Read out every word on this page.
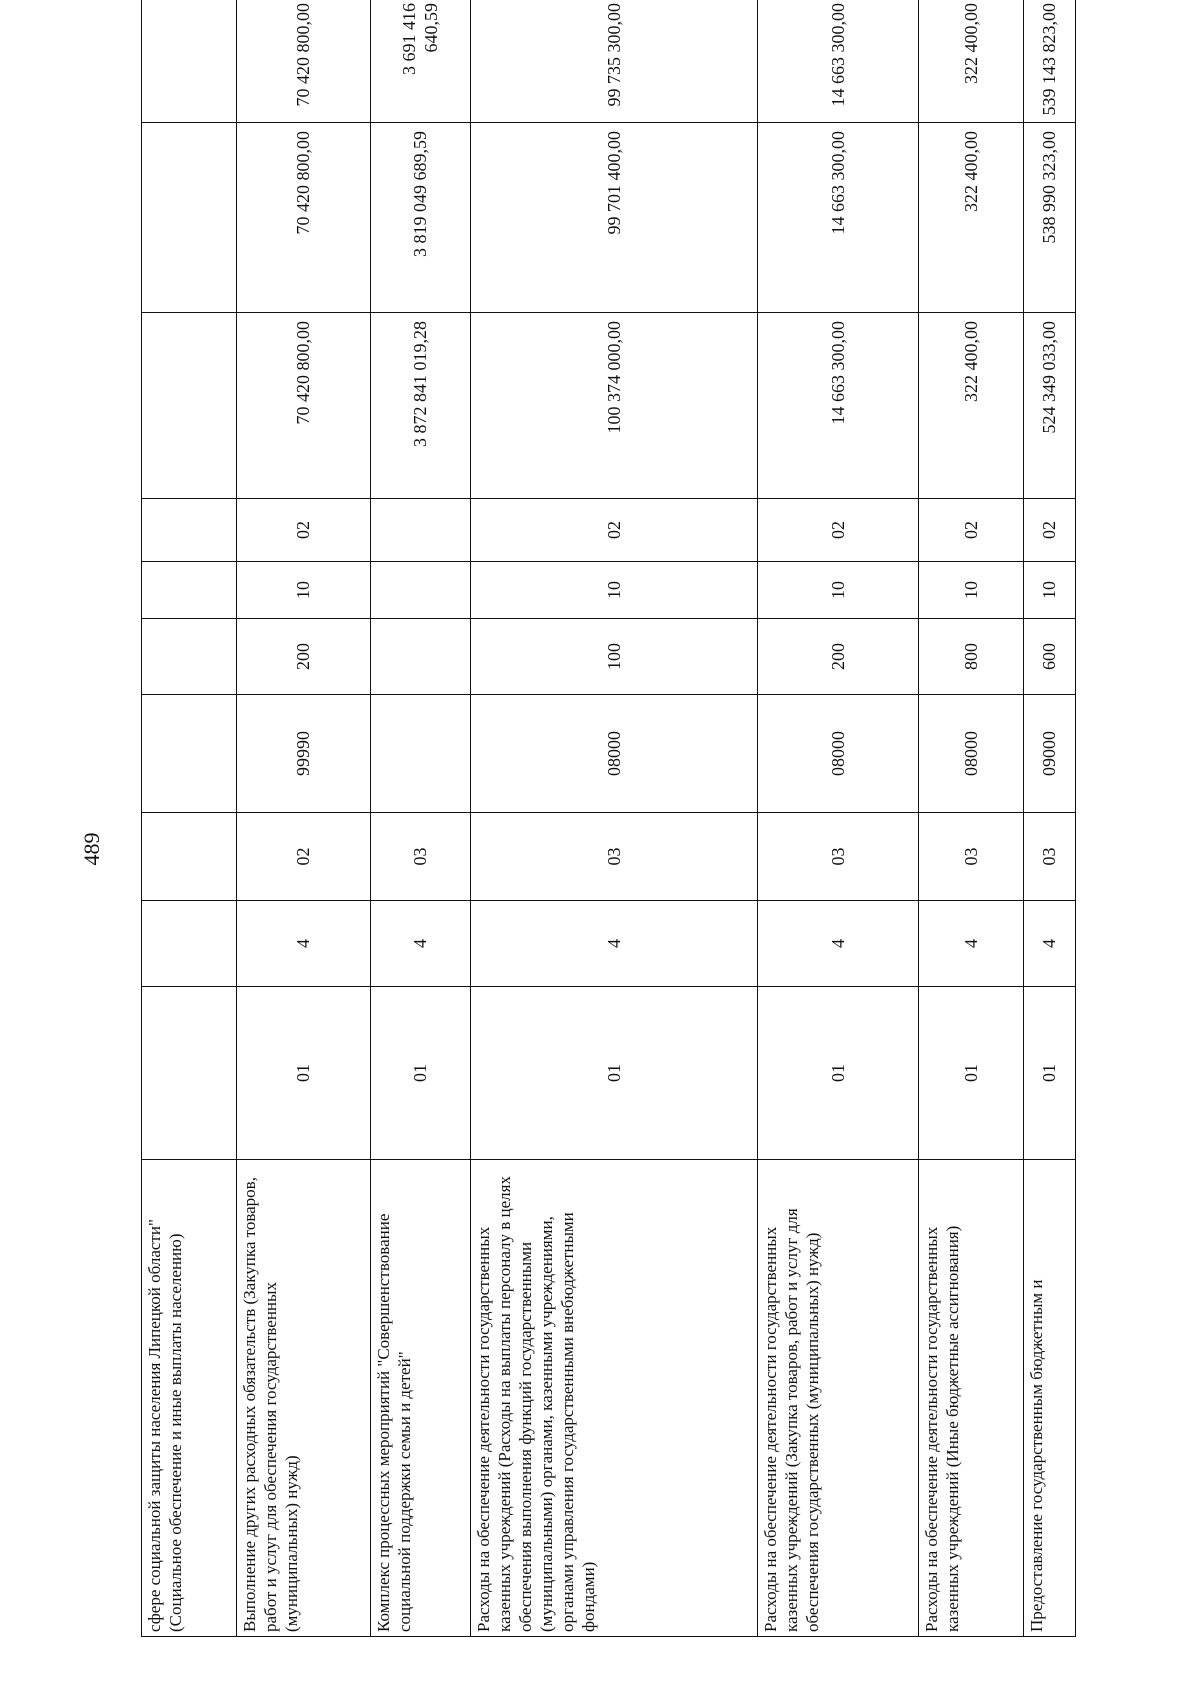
489
сфере социальной защиты населения Липецкой области" (Социальное обеспечение и иные выплаты населению)										
Выполнение других расходных обязательств (Закупка товаров, работ и услуг для обеспечения государственных (муниципальных) нужд)	01	4	02	99990	200	10	02	70 420 800,00	70 420 800,00	70 420 800,00
Комплекс процессных мероприятий "Совершенствование социальной поддержки семьи и детей"	01	4	03					3 872 841 019,28	3 819 049 689,59	3 691 416 640,59
Расходы на обеспечение деятельности государственных казенных учреждений (Расходы на выплаты персоналу в целях обеспечения выполнения функций государственными (муниципальными) органами, казенными учреждениями, органами управления государственными внебюджетными фондами)	01	4	03	08000	100	10	02	100 374 000,00	99 701 400,00	99 735 300,00
Расходы на обеспечение деятельности государственных казенных учреждений (Закупка товаров, работ и услуг для обеспечения государственных (муниципальных) нужд)	01	4	03	08000	200	10	02	14 663 300,00	14 663 300,00	14 663 300,00
Расходы на обеспечение деятельности государственных казенных учреждений (Иные бюджетные ассигнования)	01	4	03	08000	800	10	02	322 400,00	322 400,00	322 400,00
Предоставление государственным бюджетным и	01	4	03	09000	600	10	02	524 349 033,00	538 990 323,00	539 143 823,00
